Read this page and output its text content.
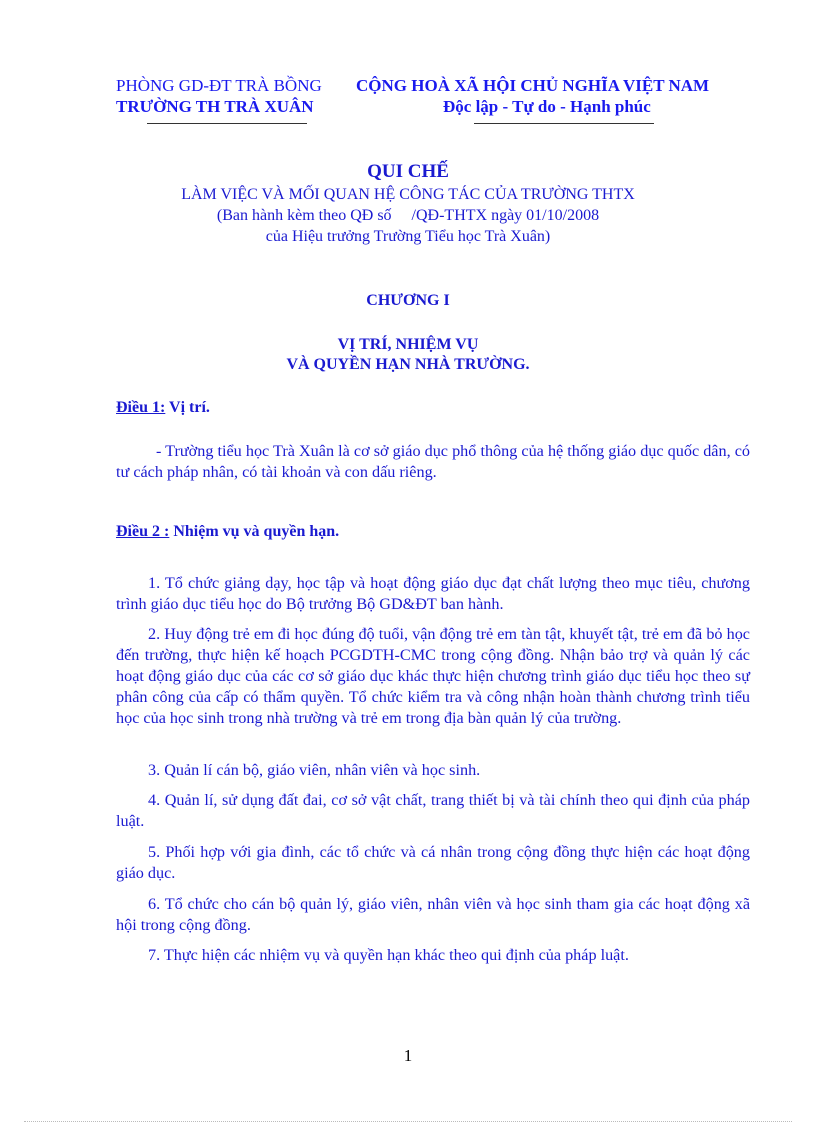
PHÒNG GD-ĐT TRÀ BỒNG
TRƯỜNG TH TRÀ XUÂN
CỘNG HOÀ XÃ HỘI CHỦ NGHĨA VIỆT NAM
Độc lập - Tự do - Hạnh phúc
QUI CHẾ
LÀM VIỆC VÀ MỐI QUAN HỆ CÔNG TÁC CỦA TRƯỜNG THTX
(Ban hành kèm theo QĐ số     /QĐ-THTX ngày 01/10/2008
của Hiệu trưởng Trường Tiểu học Trà Xuân)
CHƯƠNG I
VỊ TRÍ, NHIỆM VỤ
VÀ QUYỀN HẠN NHÀ TRƯỜNG.
Điều 1: Vị trí.
- Trường tiểu học Trà Xuân là cơ sở giáo dục phổ thông của hệ thống giáo dục quốc dân, có tư cách pháp nhân, có tài khoản và con dấu riêng.
Điều 2 : Nhiệm vụ và quyền hạn.
1. Tổ chức giảng dạy, học tập và hoạt động giáo dục đạt chất lượng theo mục tiêu, chương trình giáo dục tiểu học do Bộ trưởng Bộ GD&ĐT ban hành.
2. Huy động trẻ em đi học đúng độ tuổi, vận động trẻ em tàn tật, khuyết tật, trẻ em đã bỏ học đến trường, thực hiện kế hoạch PCGDTH-CMC trong cộng đồng. Nhận bảo trợ và quản lý các hoạt động giáo dục của các cơ sở giáo dục khác thực hiện chương trình giáo dục tiểu học theo sự phân công của cấp có thẩm quyền. Tổ chức kiểm tra và công nhận hoàn thành chương trình tiểu học của học sinh trong nhà trường và trẻ em trong địa bàn quản lý của trường.
3. Quản lí cán bộ, giáo viên, nhân viên và học sinh.
4. Quản lí, sử dụng đất đai, cơ sở vật chất, trang thiết bị và tài chính theo qui định của pháp luật.
5. Phối hợp với gia đình, các tổ chức và cá nhân trong cộng đồng thực hiện các hoạt động giáo dục.
6. Tổ chức cho cán bộ quản lý, giáo viên, nhân viên và học sinh tham gia các hoạt động xã hội trong cộng đồng.
7. Thực hiện các nhiệm vụ và quyền hạn khác theo qui định của pháp luật.
1
